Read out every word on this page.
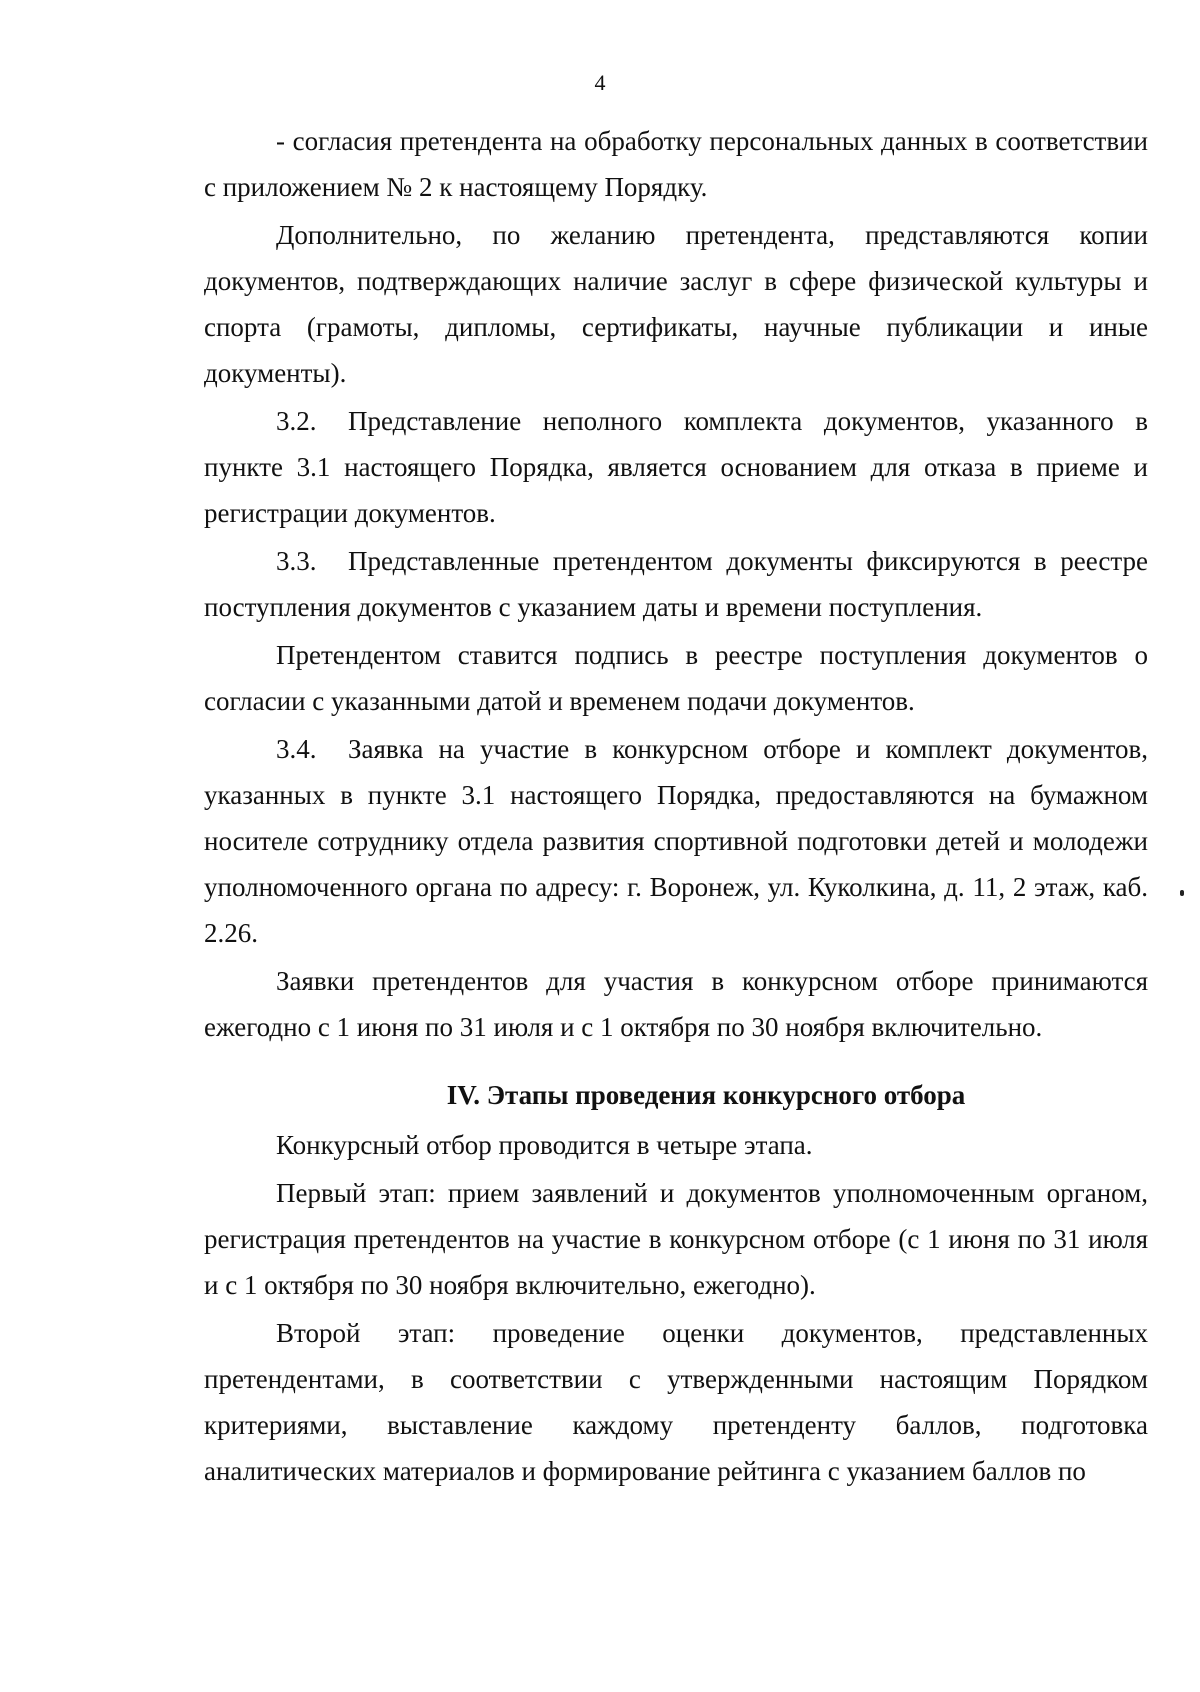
4

- согласия претендента на обработку персональных данных в соответствии с приложением № 2 к настоящему Порядку.

Дополнительно, по желанию претендента, представляются копии документов, подтверждающих наличие заслуг в сфере физической культуры и спорта (грамоты, дипломы, сертификаты, научные публикации и иные документы).

3.2. Представление неполного комплекта документов, указанного в пункте 3.1 настоящего Порядка, является основанием для отказа в приеме и регистрации документов.

3.3. Представленные претендентом документы фиксируются в реестре поступления документов с указанием даты и времени поступления.

Претендентом ставится подпись в реестре поступления документов о согласии с указанными датой и временем подачи документов.

3.4. Заявка на участие в конкурсном отборе и комплект документов, указанных в пункте 3.1 настоящего Порядка, предоставляются на бумажном носителе сотруднику отдела развития спортивной подготовки детей и молодежи уполномоченного органа по адресу: г. Воронеж, ул. Куколкина, д. 11, 2 этаж, каб. 2.26.

Заявки претендентов для участия в конкурсном отборе принимаются ежегодно с 1 июня по 31 июля и с 1 октября по 30 ноября включительно.

IV. Этапы проведения конкурсного отбора

Конкурсный отбор проводится в четыре этапа.

Первый этап: прием заявлений и документов уполномоченным органом, регистрация претендентов на участие в конкурсном отборе (с 1 июня по 31 июля и с 1 октября по 30 ноября включительно, ежегодно).

Второй этап: проведение оценки документов, представленных претендентами, в соответствии с утвержденными настоящим Порядком критериями, выставление каждому претенденту баллов, подготовка аналитических материалов и формирование рейтинга с указанием баллов по
